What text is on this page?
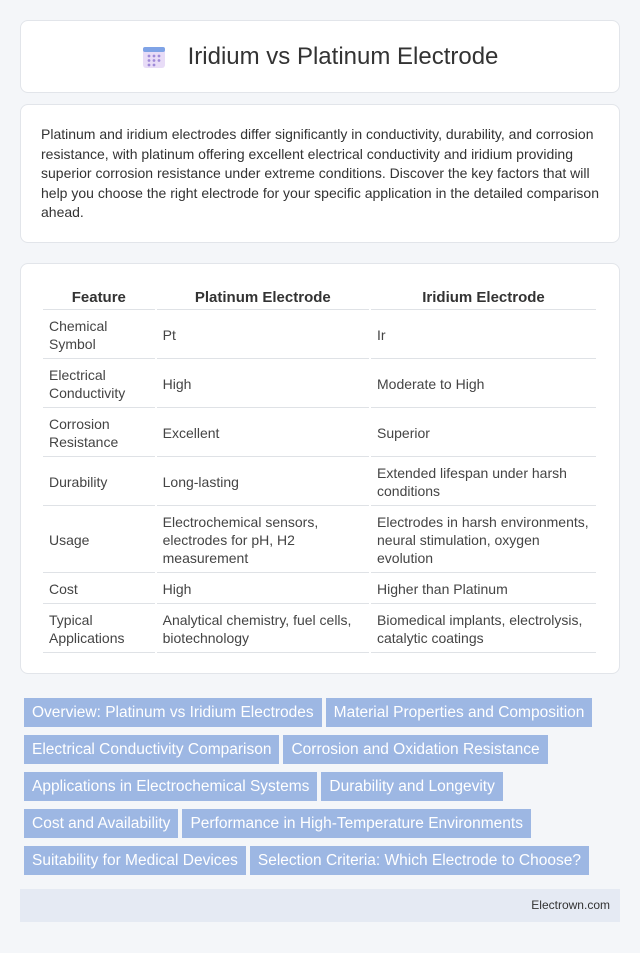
Iridium vs Platinum Electrode

Platinum and iridium electrodes differ significantly in conductivity, durability, and corrosion resistance, with platinum offering excellent electrical conductivity and iridium providing superior corrosion resistance under extreme conditions. Discover the key factors that will help you choose the right electrode for your specific application in the detailed comparison ahead.

Feature	Platinum Electrode	Iridium Electrode
Chemical Symbol	Pt	Ir
Electrical Conductivity	High	Moderate to High
Corrosion Resistance	Excellent	Superior
Durability	Long-lasting	Extended lifespan under harsh conditions
Usage	Electrochemical sensors, electrodes for pH, H2 measurement	Electrodes in harsh environments, neural stimulation, oxygen evolution
Cost	High	Higher than Platinum
Typical Applications	Analytical chemistry, fuel cells, biotechnology	Biomedical implants, electrolysis, catalytic coatings
Overview: Platinum vs Iridium Electrodes Material Properties and Composition Electrical Conductivity Comparison Corrosion and Oxidation Resistance Applications in Electrochemical Systems Durability and Longevity Cost and Availability Performance in High-Temperature Environments Suitability for Medical Devices Selection Criteria: Which Electrode to Choose?
Electrown.com
